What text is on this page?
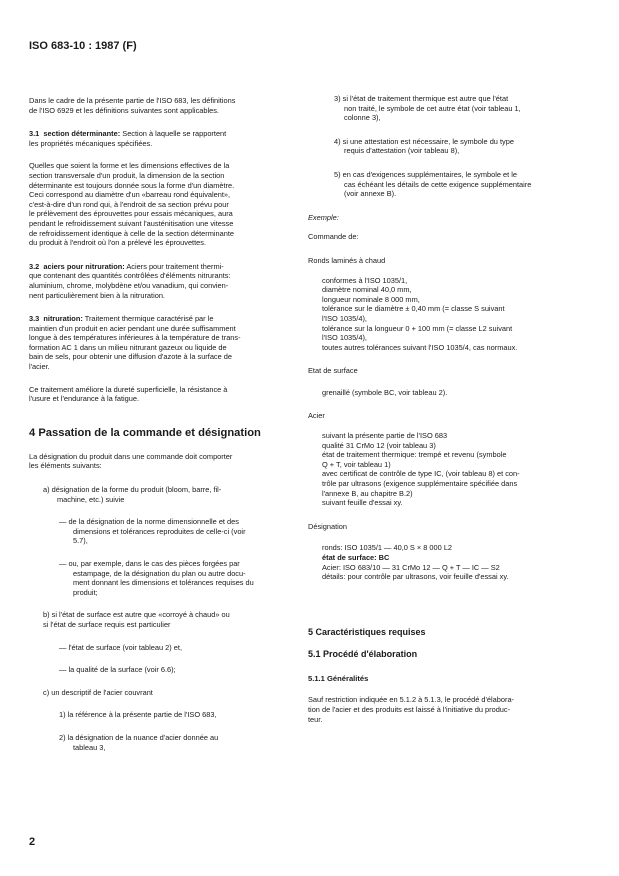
ISO 683-10 : 1987 (F)

Dans le cadre de la présente partie de l'ISO 683, les définitions

de l'ISO 6929 et les définitions suivantes sont applicables.

3.1 section déterminante: Section à laquelle se rapportent

les propriétés mécaniques spécifiées.

Quelles que soient la forme et les dimensions effectives de la

section transversale d'un produit, la dimension de la section

déterminante est toujours donnée sous la forme d'un diamètre.

Ceci correspond au diamètre d'un «barreau rond équivalent»,

c'est-à-dire d'un rond qui, à l'endroit de sa section prévu pour

le prélèvement des éprouvettes pour essais mécaniques, aura

pendant le refroidissement suivant l'austénitisation une vitesse

de refroidissement identique à celle de la section déterminante

du produit à l'endroit où l'on a prélevé les éprouvettes.

3.2 aciers pour nitruration: Aciers pour traitement thermi-

que contenant des quantités contrôlées d'éléments nitrurants:

aluminium, chrome, molybdène et/ou vanadium, qui convien-

nent particulièrement bien à la nitruration.

3.3 nitruration: Traitement thermique caractérisé par le

maintien d'un produit en acier pendant une durée suffisamment

longue à des températures inférieures à la température de trans-

formation AC 1 dans un milieu nitrurant gazeux ou liquide de

bain de sels, pour obtenir une diffusion d'azote à la surface de

l'acier.

Ce traitement améliore la dureté superficielle, la résistance à

l'usure et l'endurance à la fatigue.

4 Passation de la commande et désignation

La désignation du produit dans une commande doit comporter

les éléments suivants:

a) désignation de la forme du produit (bloom, barre, fil-

machine, etc.) suivie

— de la désignation de la norme dimensionnelle et des

dimensions et tolérances reproduites de celle-ci (voir

5.7),

— ou, par exemple, dans le cas des pièces forgées par

estampage, de la désignation du plan ou autre docu-

ment donnant les dimensions et tolérances requises du

produit;

b) si l'état de surface est autre que «corroyé à chaud» ou

si l'état de surface requis est particulier

— l'état de surface (voir tableau 2) et,

— la qualité de la surface (voir 6.6);

c) un descriptif de l'acier couvrant

1) la référence à la présente partie de l'ISO 683,

2) la désignation de la nuance d'acier donnée au

tableau 3,

3) si l'état de traitement thermique est autre que l'état

non traité, le symbole de cet autre état (voir tableau 1,

colonne 3),

4) si une attestation est nécessaire, le symbole du type

requis d'attestation (voir tableau 8),

5) en cas d'exigences supplémentaires, le symbole et le

cas échéant les détails de cette exigence supplémentaire

(voir annexe B).

Exemple:

Commande de:

Ronds laminés à chaud

conformes à l'ISO 1035/1,

diamètre nominal 40,0 mm,

longueur nominale 8 000 mm,

tolérance sur le diamètre ± 0,40 mm (= classe S suivant

l'ISO 1035/4),

tolérance sur la longueur 0 + 100 mm (= classe L2 suivant

l'ISO 1035/4),

toutes autres tolérances suivant l'ISO 1035/4, cas normaux.

Etat de surface

grenaillé (symbole BC, voir tableau 2).

Acier

suivant la présente partie de l'ISO 683

qualité 31 CrMo 12 (voir tableau 3)

état de traitement thermique: trempé et revenu (symbole

Q + T, voir tableau 1)

avec certificat de contrôle de type IC, (voir tableau 8) et con-

trôle par ultrasons (exigence supplémentaire spécifiée dans

l'annexe B, au chapitre B.2)

suivant feuille d'essai xy.

Désignation

ronds: ISO 1035/1 — 40,0 S × 8 000 L2

état de surface: BC

Acier: ISO 683/10 — 31 CrMo 12 — Q + T — IC — S2

détails: pour contrôle par ultrasons, voir feuille d'essai xy.

5 Caractéristiques requises
5.1 Procédé d'élaboration
5.1.1 Généralités

Sauf restriction indiquée en 5.1.2 à 5.1.3, le procédé d'élabora-

tion de l'acier et des produits est laissé à l'initiative du produc-

teur.

2
